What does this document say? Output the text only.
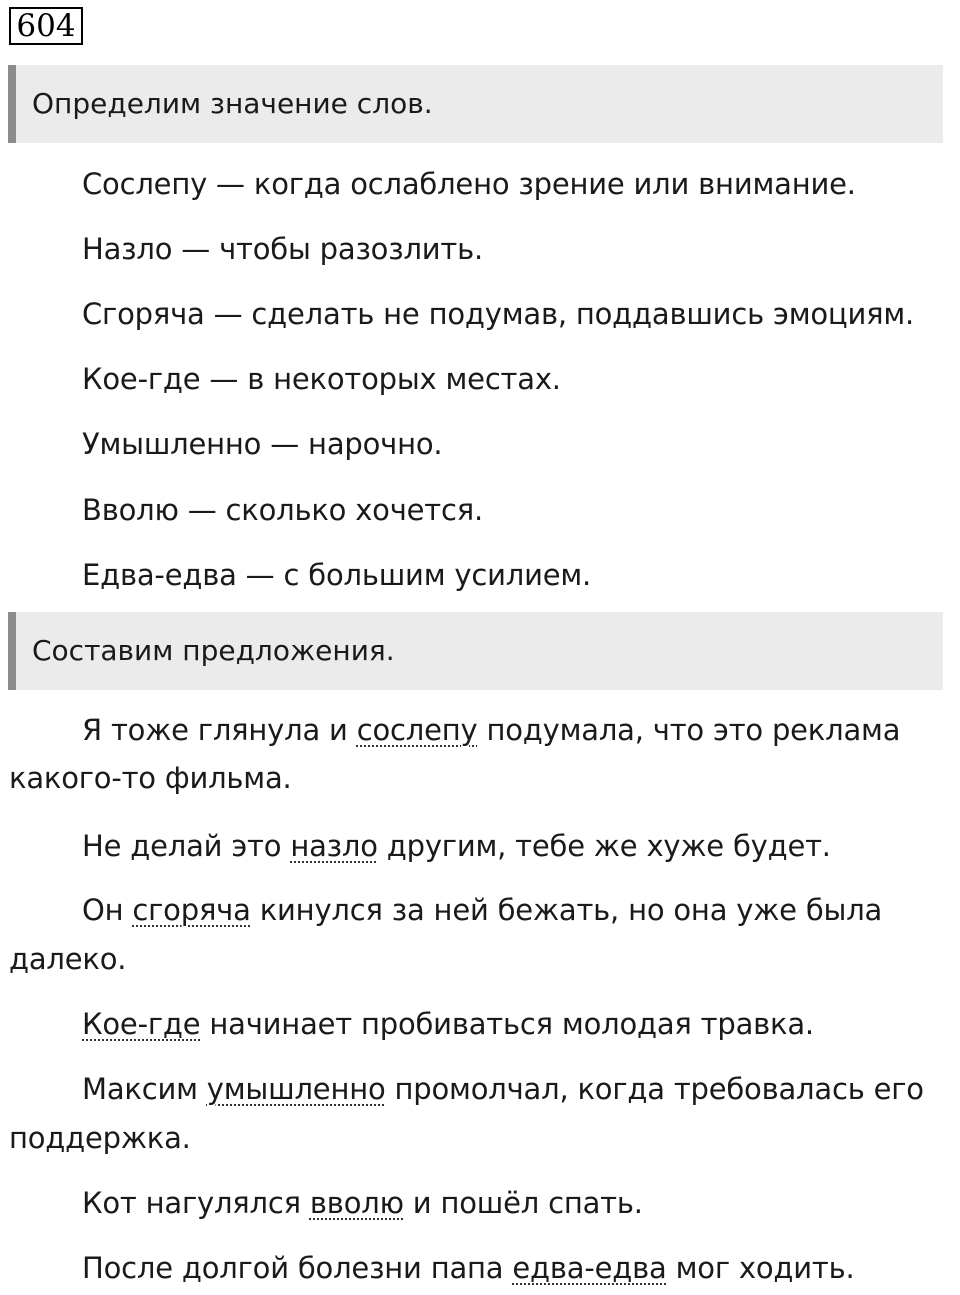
604
Определим значение слов.
Сослепу — когда ослаблено зрение или внимание.
Назло — чтобы разозлить.
Сгоряча — сделать не подумав, поддавшись эмоциям.
Кое-где — в некоторых местах.
Умышленно — нарочно.
Вволю — сколько хочется.
Едва-едва — с большим усилием.
Составим предложения.
Я тоже глянула и сослепу подумала, что это реклама
какого-то фильма.
Не делай это назло другим, тебе же хуже будет.
Он сгоряча кинулся за ней бежать, но она уже была
далеко.
Кое-где начинает пробиваться молодая травка.
Максим умышленно промолчал, когда требовалась его
поддержка.
Кот нагулялся вволю и пошёл спать.
После долгой болезни папа едва-едва мог ходить.
